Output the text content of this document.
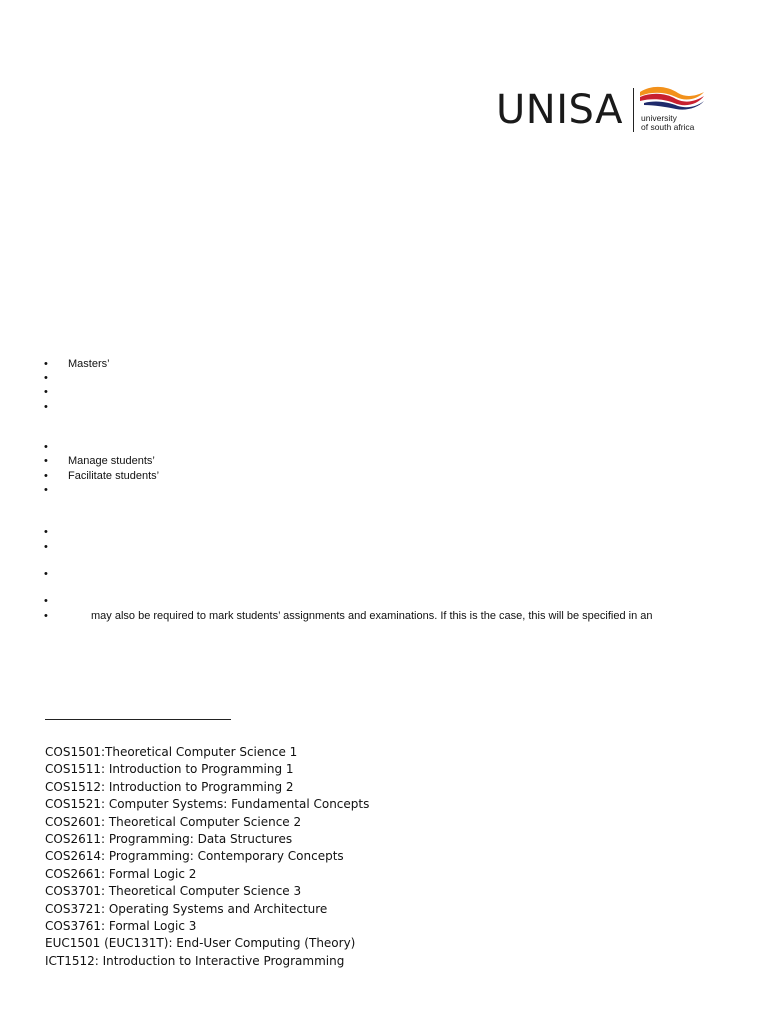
UNISA university
of south africa
• Masters’
•
•
•
•
• Manage students’
• Facilitate students’
•
•
•
•
•
•	may also be required to mark students’ assignments and examinations. If this is the case, this will be specified in an
COS1501:Theoretical Computer Science 1
COS1511: Introduction to Programming 1
COS1512: Introduction to Programming 2
COS1521: Computer Systems: Fundamental Concepts
COS2601: Theoretical Computer Science 2
COS2611: Programming: Data Structures
COS2614: Programming: Contemporary Concepts
COS2661: Formal Logic 2
COS3701: Theoretical Computer Science 3
COS3721: Operating Systems and Architecture
COS3761: Formal Logic 3
EUC1501 (EUC131T): End-User Computing (Theory)
ICT1512: Introduction to Interactive Programming
